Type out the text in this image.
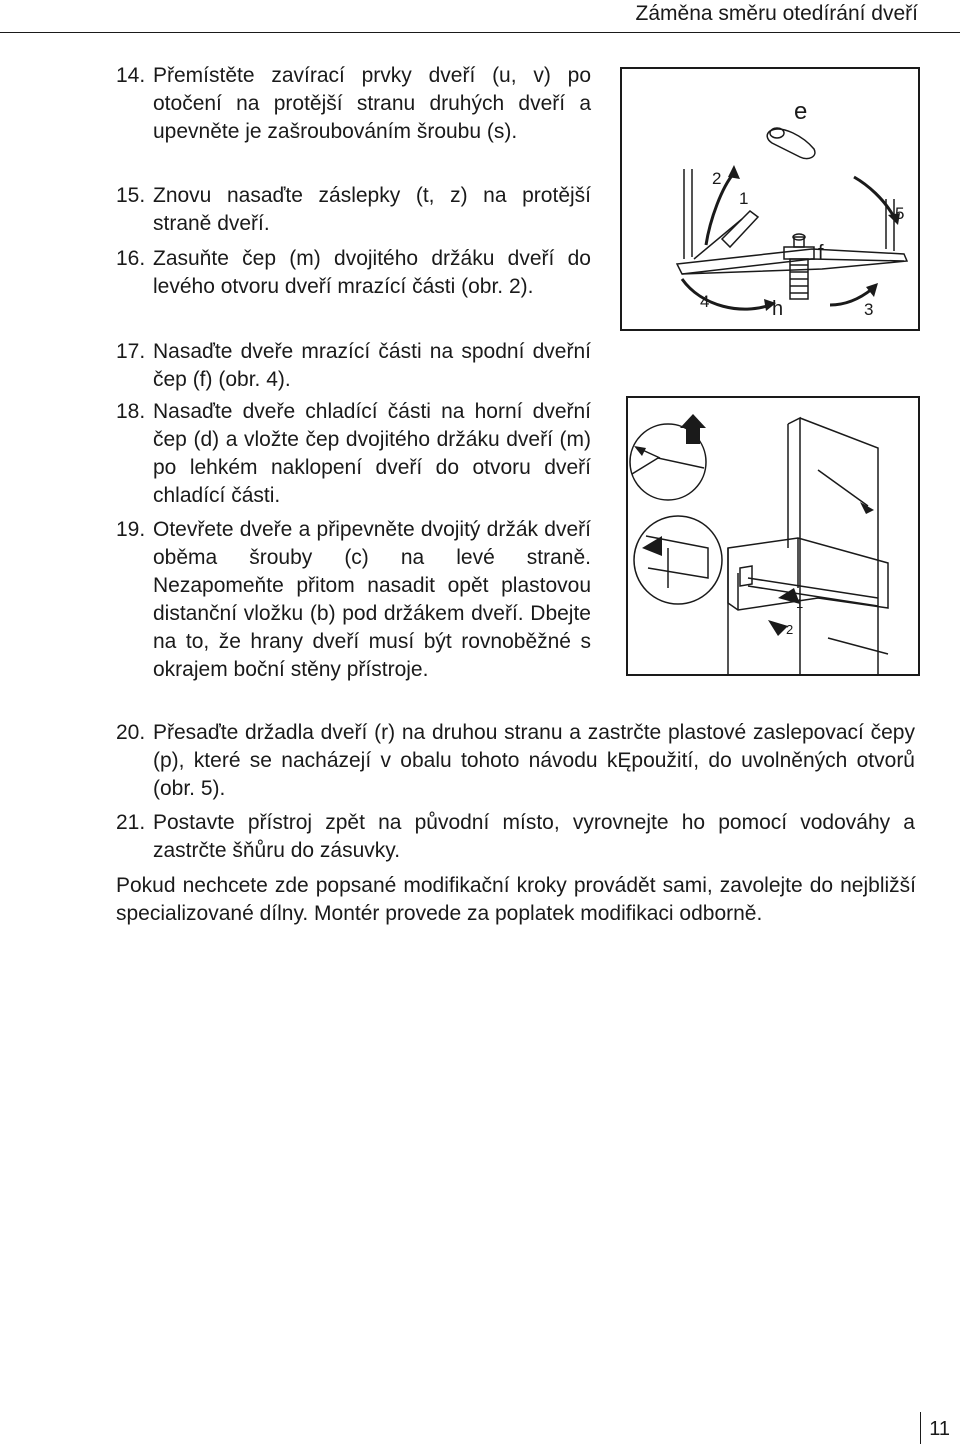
Záměna směru otedírání dveří
14. Přemístěte zavírací prvky dveří (u, v) po otočení na protější stranu druhých dveří a upevněte je zašroubováním šroubu (s).
15. Znovu nasaďte záslepky (t, z) na protější straně dveří.
16. Zasuňte čep (m) dvojitého držáku dveří do levého otvoru dveří mrazící části (obr. 2).
17. Nasaďte dveře mrazící části na spodní dveřní čep (f) (obr. 4).
18. Nasaďte dveře chladící části na horní dveřní čep (d) a vložte čep dvojitého držáku dveří (m) po lehkém naklopení dveří do otvoru dveří chladící části.
19. Otevřete dveře a připevněte dvojitý držák dveří oběma šrouby (c) na levé straně. Nezapomeňte přitom nasadit opět plastovou distanční vložku (b) pod držákem dveří. Dbejte na to, že hrany dveří musí být rovnoběžné s okrajem boční stěny přístroje.
20. Přesaďte držadla dveří (r) na druhou stranu a zastrčte plastové zaslepovací čepy (p), které se nacházejí v obalu tohoto návodu kĘpoužití, do uvolněných otvorů (obr. 5).
21. Postavte přístroj zpět na původní místo, vyrovnejte ho pomocí vodováhy a zastrčte šňůru do zásuvky.
Pokud nechcete zde popsané modifikační kroky provádět sami, zavolejte do nejbližší specializované dílny. Montér provede za poplatek modifikaci odborně.
e
2
1
5
f
4	h	3
1
2
11
